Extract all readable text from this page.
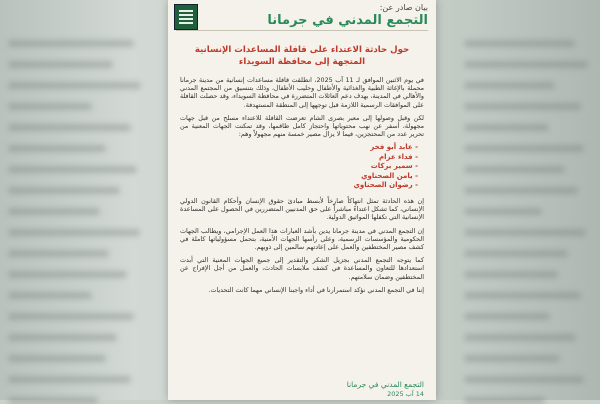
بيان صادر عن:
التجمع المدني في جرمانا
حول حادثة الاعتداء على قافلة المساعدات الإنسانية
المتجهة إلى محافظة السويداء

في يوم الاثنين الموافق لـ 11 آب 2025، انطلقت قافلة مساعدات إنسانية من مدينة جرمانا محملة بالإغاثة الطبية والغذائية والأطفال وحليب الأطفال، وذلك بتنسيق من المجتمع المدني والأهالي في المدينة، بهدف دعم العائلات المتضررة في محافظة السويداء، وقد حصلت القافلة على الموافقات الرسمية اللازمة قبل توجهها إلى المنطقة المستهدفة.

لكن وقبل وصولها إلى معبر بصرى الشام تعرضت القافلة للاعتداء مسلح من قبل جهات مجهولة، أسفر عن نهب محتوياتها واحتجاز كامل طاقمها، وقد تمكنت الجهات المعنية من تحرير عدد من المحتجزين، فيما لا يزال مصير خمسة منهم مجهولاً وهم:

- عابد أبو فخر
- فداء عزام
- سمير بركات
- يامن الصحناوي
- رضوان الصحناوي

إن هذه الحادثة تمثل انتهاكاً صارخاً لأبسط مبادئ حقوق الإنسان وأحكام القانون الدولي الإنساني، كما تشكل اعتداءً مباشراً على حق المدنيين المتضررين في الحصول على المساعدة الإنسانية التي تكفلها المواثيق الدولية.

إن التجمع المدني في مدينة جرمانا يدين بأشد العبارات هذا العمل الإجرامي، ويطالب الجهات الحكومية والمؤسسات الرسمية، وعلى رأسها الجهات الأمنية، بتحمل مسؤولياتها كاملة في كشف مصير المختطفين والعمل على إعادتهم سالمين إلى ذويهم.

كما يتوجه التجمع المدني بجزيل الشكر والتقدير إلى جميع الجهات المعنية التي أبدت استعدادها للتعاون والمساعدة في كشف ملابسات الحادث، والعمل من أجل الإفراج عن المختطفين وضمان سلامتهم.

إننا في التجمع المدني نؤكد استمرارنا في أداء واجبنا الإنساني مهما كانت التحديات.

التجمع المدني في جرمانا
14 آب 2025
